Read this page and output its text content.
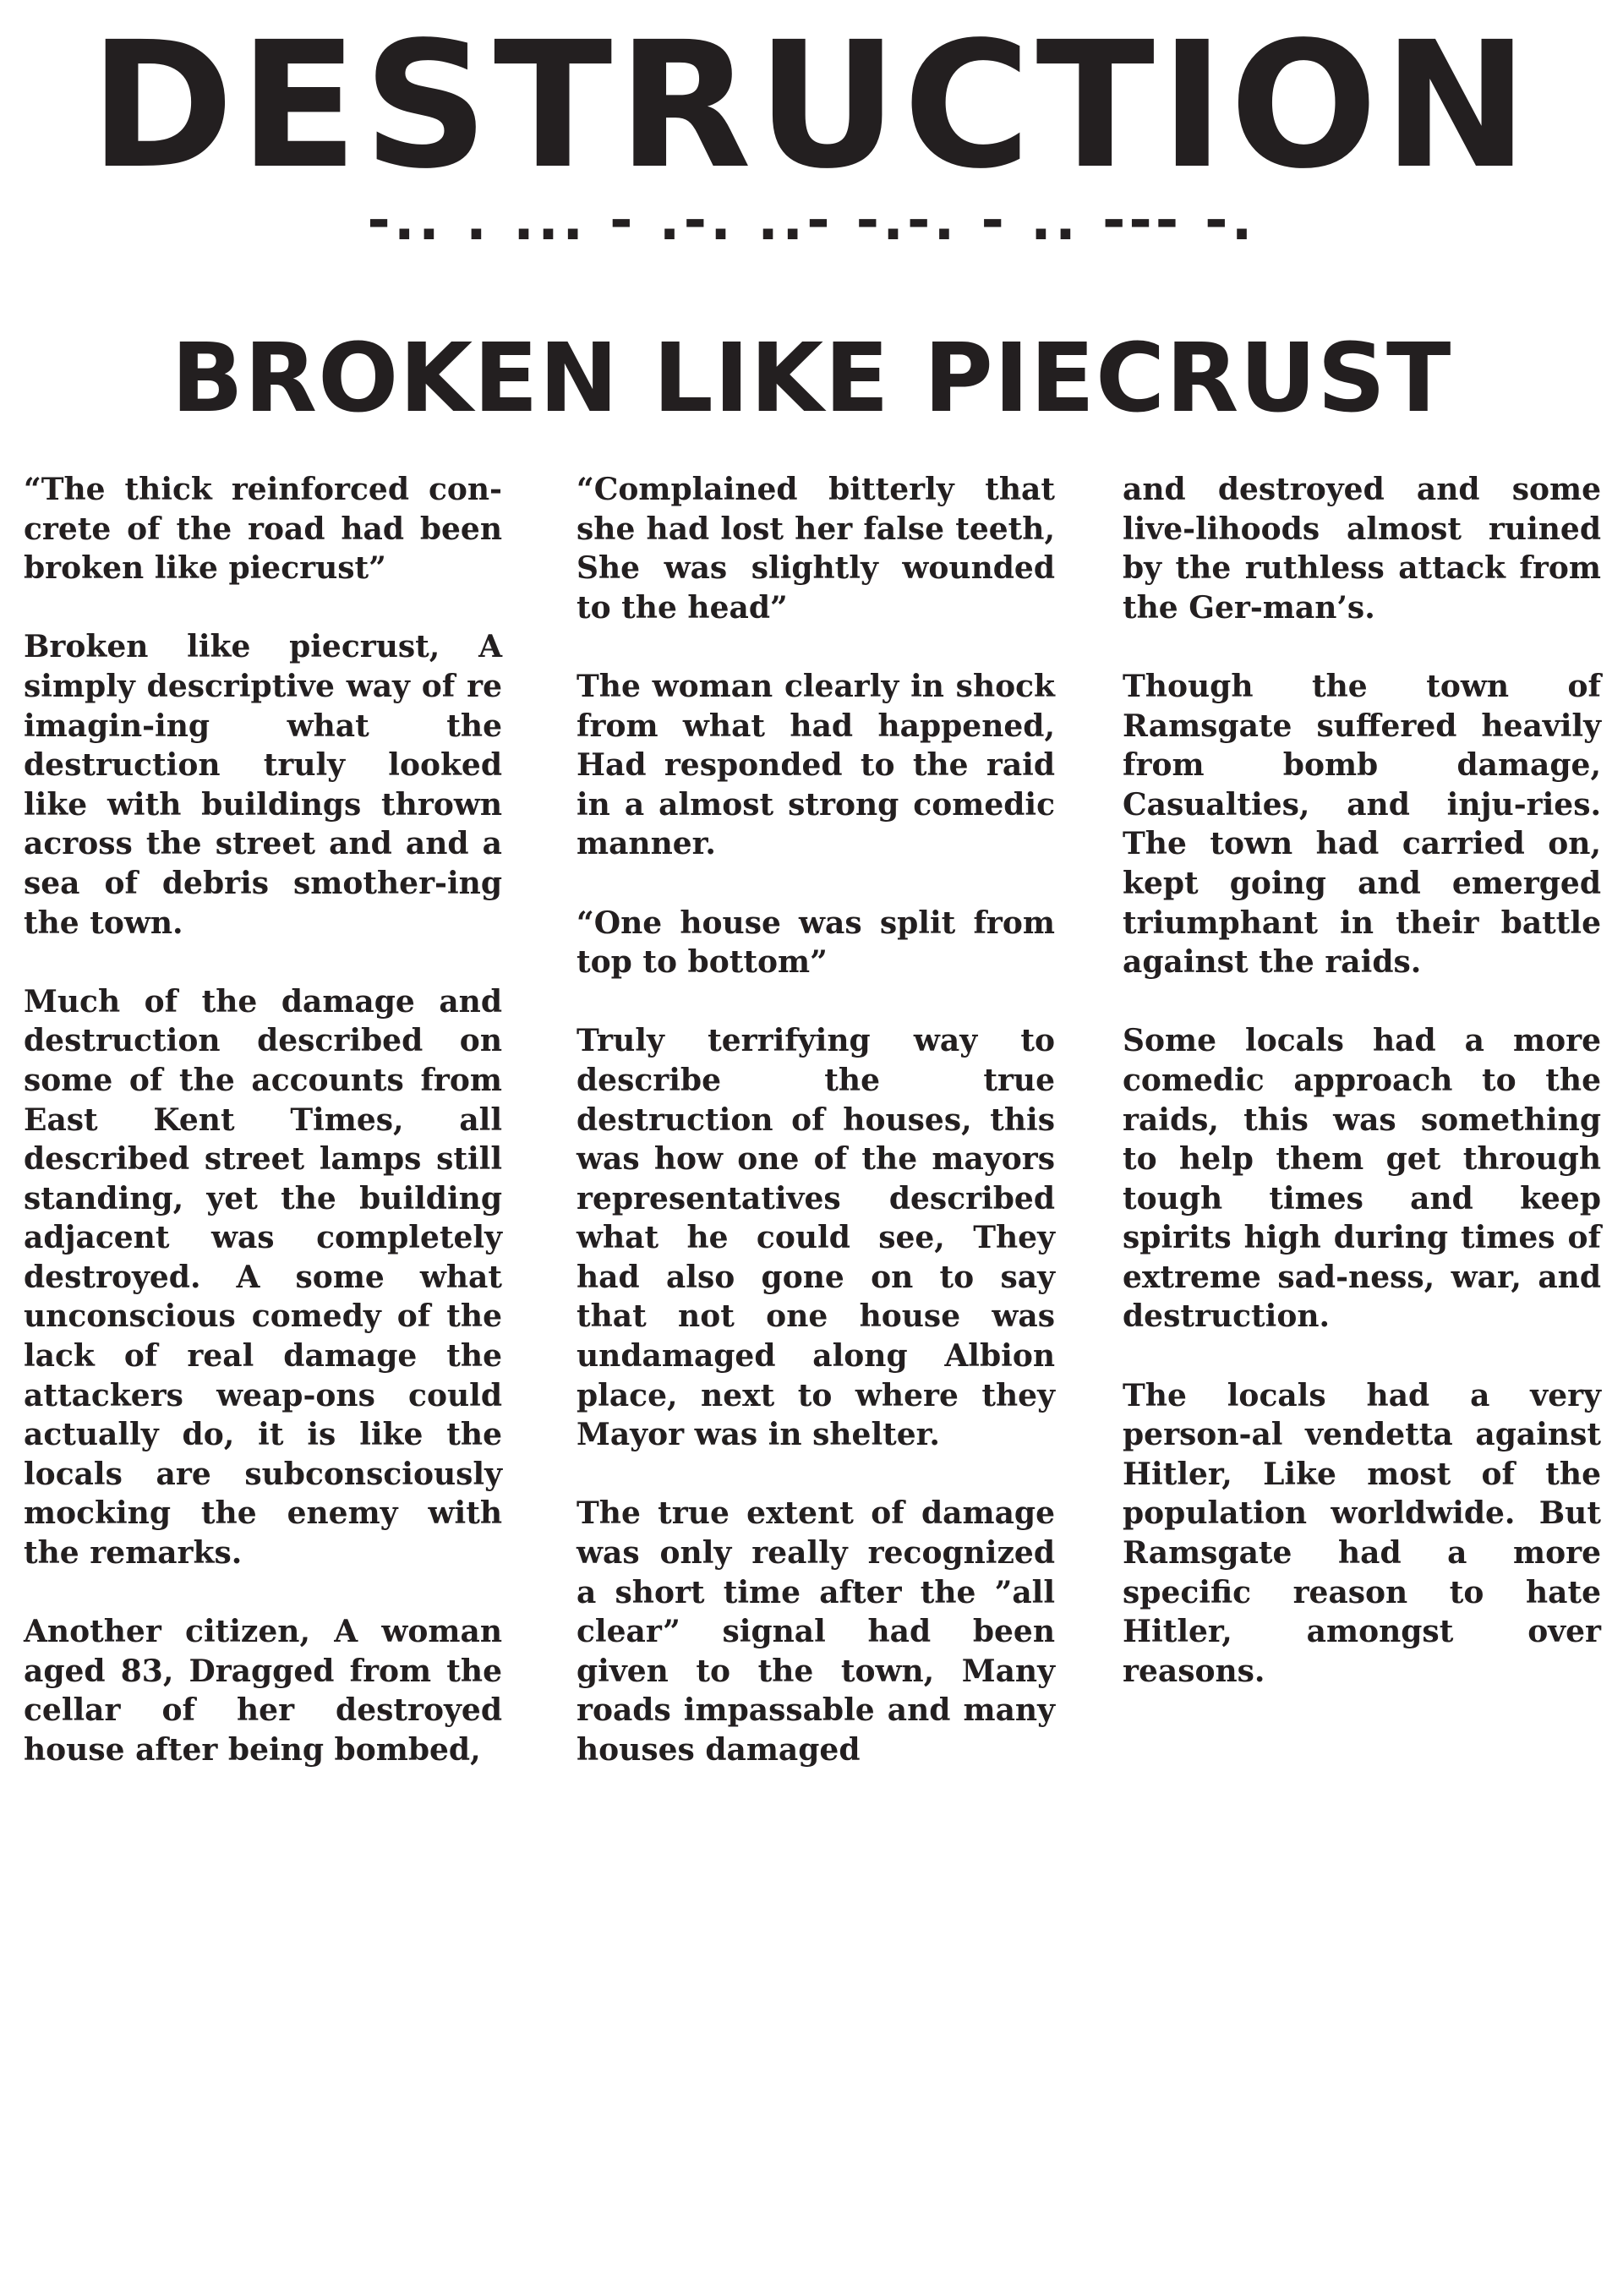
DESTRUCTION
-.. . ... - .-. ..- -.-. - .. --- -.
BROKEN LIKE PIECRUST

“The thick reinforced con-crete of the road had been broken like piecrust”

Broken like piecrust, A simply descriptive way of re imagin-ing what the destruction truly looked like with buildings thrown across the street and and a sea of debris smother-ing the town.

Much of the damage and destruction described on some of the accounts from East Kent Times, all described street lamps still standing, yet the building adjacent was completely destroyed. A some what unconscious comedy of the lack of real damage the attackers weap-ons could actually do, it is like the locals are subconsciously mocking the enemy with the remarks.

Another citizen, A woman aged 83, Dragged from the cellar of her destroyed house after being bombed,

“Complained bitterly that she had lost her false teeth, She was slightly wounded to the head”

The woman clearly in shock from what had happened, Had responded to the raid in a almost strong comedic manner.

“One house was split from top to bottom”

Truly terrifying way to describe the true destruction of houses, this was how one of the mayors representatives described what he could see, They had also gone on to say that not one house was undamaged along Albion place, next to where they Mayor was in shelter.

The true extent of damage was only really recognized a short time after the ”all clear” signal had been given to the town, Many roads impassable and many houses damaged

and destroyed and some live-lihoods almost ruined by the ruthless attack from the Ger-man’s.

Though the town of Ramsgate suffered heavily from bomb damage, Casualties, and inju-ries. The town had carried on, kept going and emerged triumphant in their battle against the raids.

Some locals had a more comedic approach to the raids, this was something to help them get through tough times and keep spirits high during times of extreme sad-ness, war, and destruction.

The locals had a very person-al vendetta against Hitler, Like most of the population worldwide. But Ramsgate had a more specific reason to hate Hitler, amongst over reasons.
